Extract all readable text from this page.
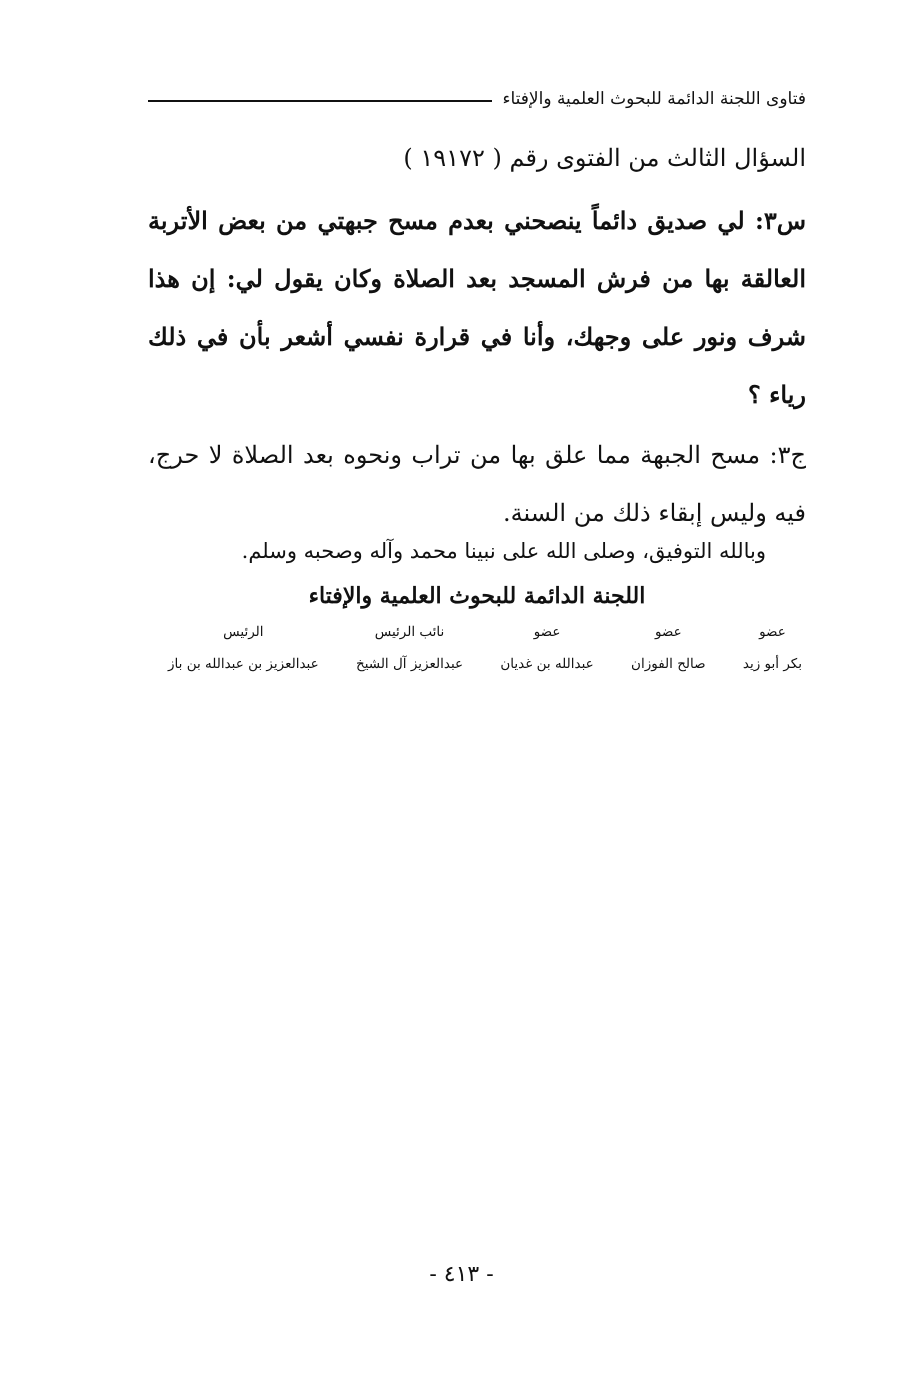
فتاوى اللجنة الدائمة للبحوث العلمية والإفتاء
السؤال الثالث من الفتوى رقم ( ١٩١٧٢ )
س٣: لي صديق دائماً ينصحني بعدم مسح جبهتي من بعض الأتربة العالقة بها من فرش المسجد بعد الصلاة وكان يقول لي: إن هذا شرف ونور على وجهك، وأنا في قرارة نفسي أشعر بأن في ذلك رياء ؟
ج٣: مسح الجبهة مما علق بها من تراب ونحوه بعد الصلاة لا حرج، فيه وليس إبقاء ذلك من السنة.
وبالله التوفيق، وصلى الله على نبينا محمد وآله وصحبه وسلم.
اللجنة الدائمة للبحوث العلمية والإفتاء
عضو
بكر أبو زيد
عضو
صالح الفوزان
عضو
عبدالله بن غديان
نائب الرئيس
عبدالعزيز آل الشيخ
الرئيس
عبدالعزيز بن عبدالله بن باز
- ٤١٣ -
